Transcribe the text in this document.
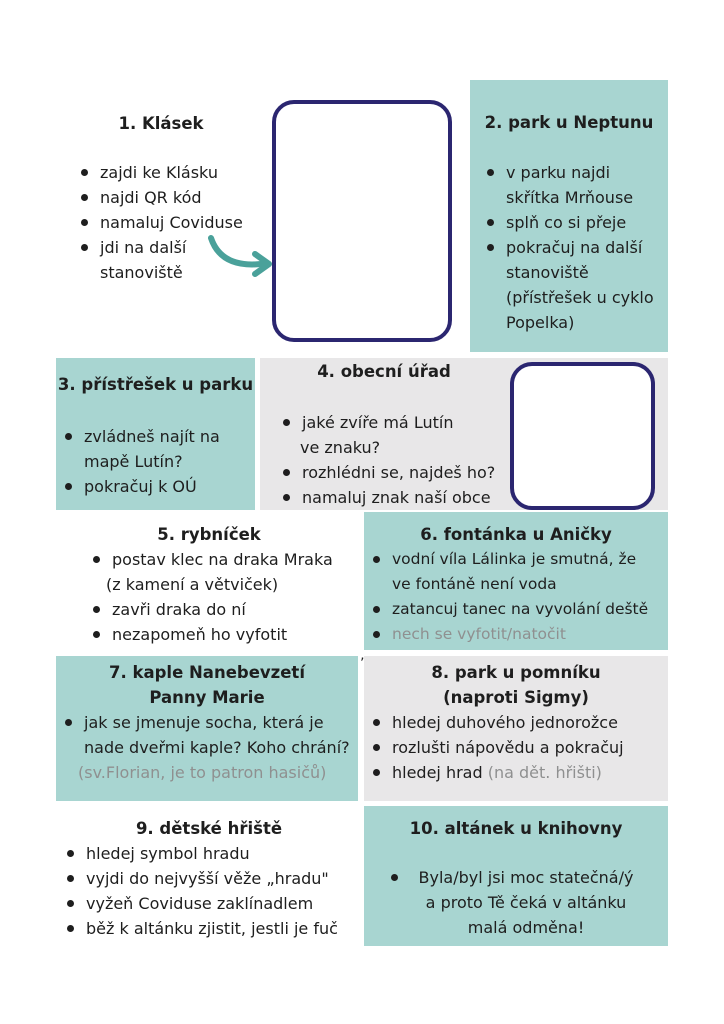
1. Klásek
zajdi ke Klásku
najdi QR kód
namaluj Coviduse
jdi na další
stanoviště
2. park u Neptunu
v parku najdi
skřítka Mrňouse
splň co si přeje
pokračuj na další
stanoviště
(přístřešek u cyklo
Popelka)
3. přístřešek u parku
zvládneš najít na
mapě Lutín?
pokračuj k OÚ
4. obecní úřad
jaké zvíře má Lutín
ve znaku?
rozhlédni se, najdeš ho?
namaluj znak naší obce
5. rybníček
postav klec na draka Mraka
(z kamení a větviček)
zavři draka do ní
nezapomeň ho vyfotit
6. fontánka u Aničky
vodní víla Lálinka je smutná, že
ve fontáně není voda
zatancuj tanec na vyvolání deště
nech se vyfotit/natočit
7. kaple Nanebevzetí
Panny Marie
jak se jmenuje socha, která je
nade dveřmi kaple? Koho chrání?
(sv.Florian, je to patron hasičů)
’	8. park u pomníku
(naproti Sigmy)
hledej duhového jednorožce
rozlušti nápovědu a pokračuj
hledej hrad (na dět. hřišti)
9. dětské hřiště
hledej symbol hradu
vyjdi do nejvyšší věže „hradu"
vyžeň Coviduse zaklínadlem
běž k altánku zjistit, jestli je fuč
10. altánek u knihovny
Byla/byl jsi moc statečná/ý
a proto Tě čeká v altánku
malá odměna!
